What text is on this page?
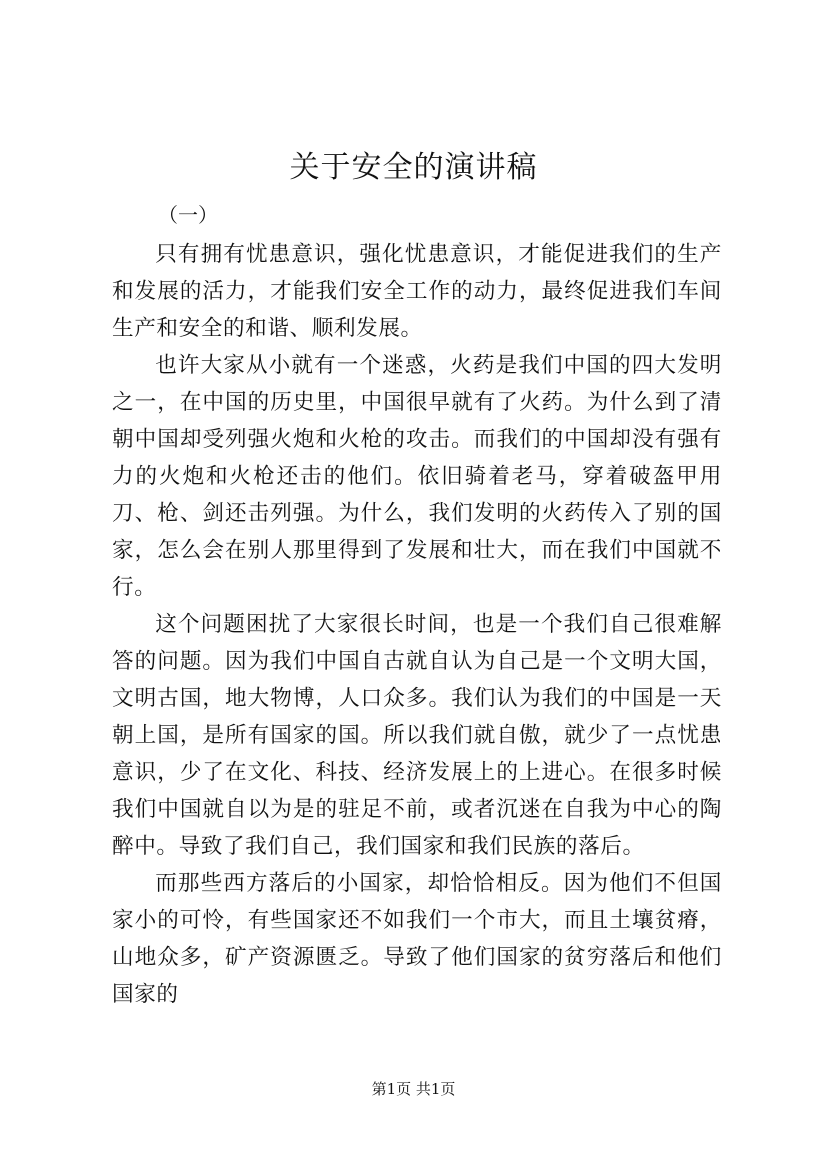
关于安全的演讲稿

（一）

只有拥有忧患意识，强化忧患意识，才能促进我们的生产和发展的活力，才能我们安全工作的动力，最终促进我们车间生产和安全的和谐、顺利发展。

也许大家从小就有一个迷惑，火药是我们中国的四大发明之一，在中国的历史里，中国很早就有了火药。为什么到了清朝中国却受列强火炮和火枪的攻击。而我们的中国却没有强有力的火炮和火枪还击的他们。依旧骑着老马，穿着破盔甲用刀、枪、剑还击列强。为什么，我们发明的火药传入了别的国家，怎么会在别人那里得到了发展和壮大，而在我们中国就不行。

这个问题困扰了大家很长时间，也是一个我们自己很难解答的问题。因为我们中国自古就自认为自己是一个文明大国，文明古国，地大物博，人口众多。我们认为我们的中国是一天朝上国，是所有国家的国。所以我们就自傲，就少了一点忧患意识，少了在文化、科技、经济发展上的上进心。在很多时候我们中国就自以为是的驻足不前，或者沉迷在自我为中心的陶醉中。导致了我们自己，我们国家和我们民族的落后。

而那些西方落后的小国家，却恰恰相反。因为他们不但国家小的可怜，有些国家还不如我们一个市大，而且土壤贫瘠，山地众多，矿产资源匮乏。导致了他们国家的贫穷落后和他们国家的

第1页 共1页
